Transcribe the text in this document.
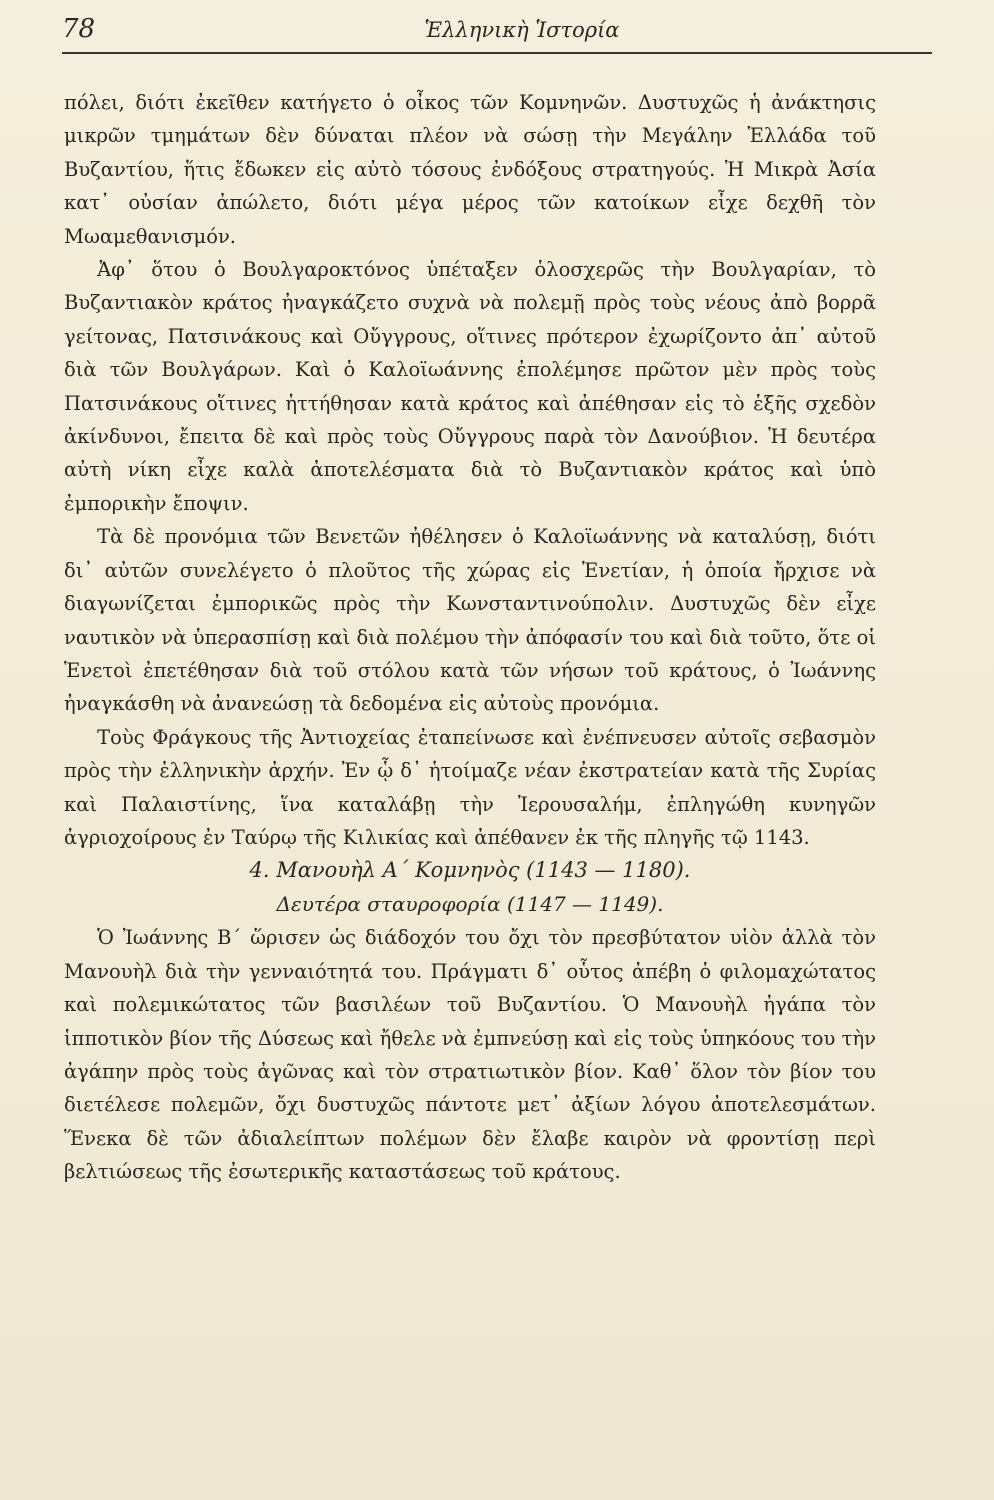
78	Ἑλληνικὴ Ἱστορία

πόλει, διότι ἐκεῖθεν κατήγετο ὁ οἶκος τῶν Κομνηνῶν. Δυστυχῶς ἡ ἀνάκτησις μικρῶν τμημάτων δὲν δύναται πλέον νὰ σώσῃ τὴν Μεγάλην Ἑλλάδα τοῦ Βυζαντίου, ἥτις ἔδωκεν εἰς αὐτὸ τόσους ἐνδόξους στρατηγούς. Ἡ Μικρὰ Ἀσία κατ᾽ οὐσίαν ἀπώλετο, διότι μέγα μέρος τῶν κατοίκων εἶχε δεχθῆ τὸν Μωαμεθανισμόν.

Ἀφ᾽ ὅτου ὁ Βουλγαροκτόνος ὑπέταξεν ὁλοσχερῶς τὴν Βουλγαρίαν, τὸ Βυζαντιακὸν κράτος ἠναγκάζετο συχνὰ νὰ πολεμῇ πρὸς τοὺς νέους ἀπὸ βορρᾶ γείτονας, Πατσινάκους καὶ Οὔγγρους, οἵτινες πρότερον ἐχωρίζοντο ἀπ᾽ αὐτοῦ διὰ τῶν Βουλγάρων. Καὶ ὁ Καλοϊωάννης ἐπολέμησε πρῶτον μὲν πρὸς τοὺς Πατσινάκους οἵτινες ἡττήθησαν κατὰ κράτος καὶ ἀπέθησαν εἰς τὸ ἑξῆς σχεδὸν ἀκίνδυνοι, ἔπειτα δὲ καὶ πρὸς τοὺς Οὔγγρους παρὰ τὸν Δανούβιον. Ἡ δευτέρα αὐτὴ νίκη εἶχε καλὰ ἀποτελέσματα διὰ τὸ Βυζαντιακὸν κράτος καὶ ὑπὸ ἐμπορικὴν ἔποψιν.

Τὰ δὲ προνόμια τῶν Βενετῶν ἠθέλησεν ὁ Καλοϊωάννης νὰ καταλύσῃ, διότι δι᾽ αὐτῶν συνελέγετο ὁ πλοῦτος τῆς χώρας εἰς Ἑνετίαν, ἡ ὁποία ἤρχισε νὰ διαγωνίζεται ἐμπορικῶς πρὸς τὴν Κωνσταντινούπολιν. Δυστυχῶς δὲν εἶχε ναυτικὸν νὰ ὑπερασπίσῃ καὶ διὰ πολέμου τὴν ἀπόφασίν του καὶ διὰ τοῦτο, ὅτε οἱ Ἑνετοὶ ἐπετέθησαν διὰ τοῦ στόλου κατὰ τῶν νήσων τοῦ κράτους, ὁ Ἰωάννης ἠναγκάσθη νὰ ἀνανεώσῃ τὰ δεδομένα εἰς αὐτοὺς προνόμια.

Τοὺς Φράγκους τῆς Ἀντιοχείας ἐταπείνωσε καὶ ἐνέπνευσεν αὐτοῖς σεβασμὸν πρὸς τὴν ἑλληνικὴν ἀρχήν. Ἐν ᾧ δ᾽ ἡτοίμαζε νέαν ἐκστρατείαν κατὰ τῆς Συρίας καὶ Παλαιστίνης, ἵνα καταλάβῃ τὴν Ἱερουσαλήμ, ἐπληγώθη κυνηγῶν ἀγριοχοίρους ἐν Ταύρῳ τῆς Κιλικίας καὶ ἀπέθανεν ἐκ τῆς πληγῆς τῷ 1143.

4. Μανουὴλ Α΄ Κομνηνὸς (1143 — 1180).

Δευτέρα σταυροφορία (1147 — 1149).

Ὁ Ἰωάννης Β΄ ὥρισεν ὡς διάδοχόν του ὄχι τὸν πρεσβύτατον υἱὸν ἀλλὰ τὸν Μανουὴλ διὰ τὴν γενναιότητά του. Πράγματι δ᾽ οὗτος ἀπέβη ὁ φιλομαχώτατος καὶ πολεμικώτατος τῶν βασιλέων τοῦ Βυζαντίου. Ὁ Μανουὴλ ἠγάπα τὸν ἱπποτικὸν βίον τῆς Δύσεως καὶ ἤθελε νὰ ἐμπνεύσῃ καὶ εἰς τοὺς ὑπηκόους του τὴν ἀγάπην πρὸς τοὺς ἀγῶνας καὶ τὸν στρατιωτικὸν βίον. Καθ᾽ ὅλον τὸν βίον του διετέλεσε πολεμῶν, ὄχι δυστυχῶς πάντοτε μετ᾽ ἀξίων λόγου ἀποτελεσμάτων. Ἕνεκα δὲ τῶν ἀδιαλείπτων πολέμων δὲν ἔλαβε καιρὸν νὰ φροντίσῃ περὶ βελτιώσεως τῆς ἐσωτερικῆς καταστάσεως τοῦ κράτους.
